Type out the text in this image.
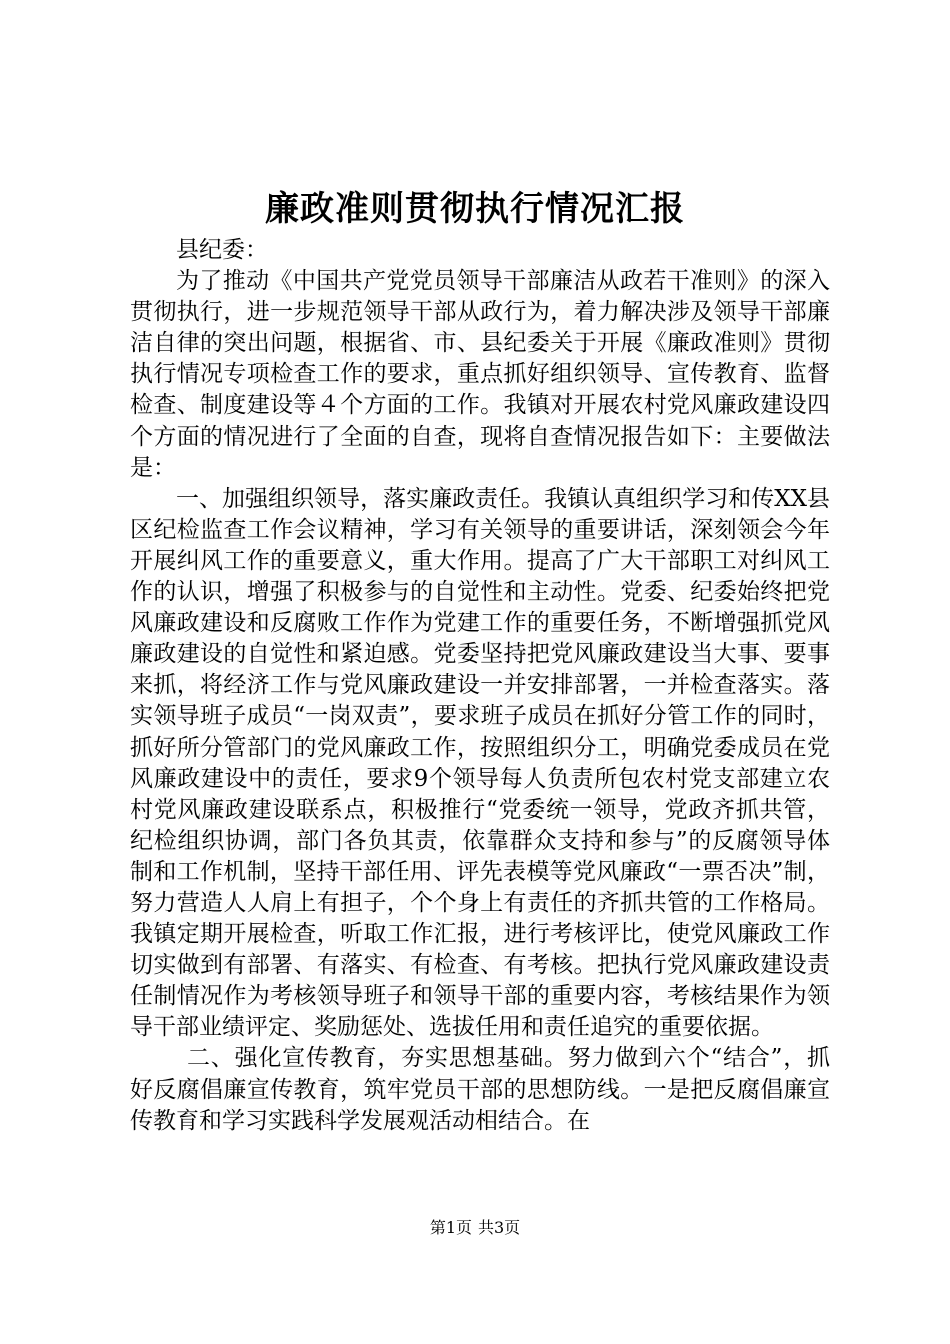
廉政准则贯彻执行情况汇报

县纪委：

为了推动《中国共产党党员领导干部廉洁从政若干准则》的深入贯彻执行，进一步规范领导干部从政行为，着力解决涉及领导干部廉洁自律的突出问题，根据省、市、县纪委关于开展《廉政准则》贯彻执行情况专项检查工作的要求，重点抓好组织领导、宣传教育、监督检查、制度建设等４个方面的工作。我镇对开展农村党风廉政建设四个方面的情况进行了全面的自查，现将自查情况报告如下：主要做法是：

一、加强组织领导，落实廉政责任。我镇认真组织学习和传XX县区纪检监查工作会议精神，学习有关领导的重要讲话，深刻领会今年开展纠风工作的重要意义，重大作用。提高了广大干部职工对纠风工作的认识，增强了积极参与的自觉性和主动性。党委、纪委始终把党风廉政建设和反腐败工作作为党建工作的重要任务，不断增强抓党风廉政建设的自觉性和紧迫感。党委坚持把党风廉政建设当大事、要事来抓，将经济工作与党风廉政建设一并安排部署，一并检查落实。落实领导班子成员“一岗双责”，要求班子成员在抓好分管工作的同时，抓好所分管部门的党风廉政工作，按照组织分工，明确党委成员在党风廉政建设中的责任，要求9个领导每人负责所包农村党支部建立农村党风廉政建设联系点，积极推行“党委统一领导，党政齐抓共管，纪检组织协调，部门各负其责，依靠群众支持和参与”的反腐领导体制和工作机制，坚持干部任用、评先表模等党风廉政“一票否决”制，努力营造人人肩上有担子，个个身上有责任的齐抓共管的工作格局。我镇定期开展检查，听取工作汇报，进行考核评比，使党风廉政工作切实做到有部署、有落实、有检查、有考核。把执行党风廉政建设责任制情况作为考核领导班子和领导干部的重要内容，考核结果作为领导干部业绩评定、奖励惩处、选拔任用和责任追究的重要依据。

二、强化宣传教育，夯实思想基础。努力做到六个“结合”，抓好反腐倡廉宣传教育，筑牢党员干部的思想防线。一是把反腐倡廉宣传教育和学习实践科学发展观活动相结合。在

第1页 共3页
